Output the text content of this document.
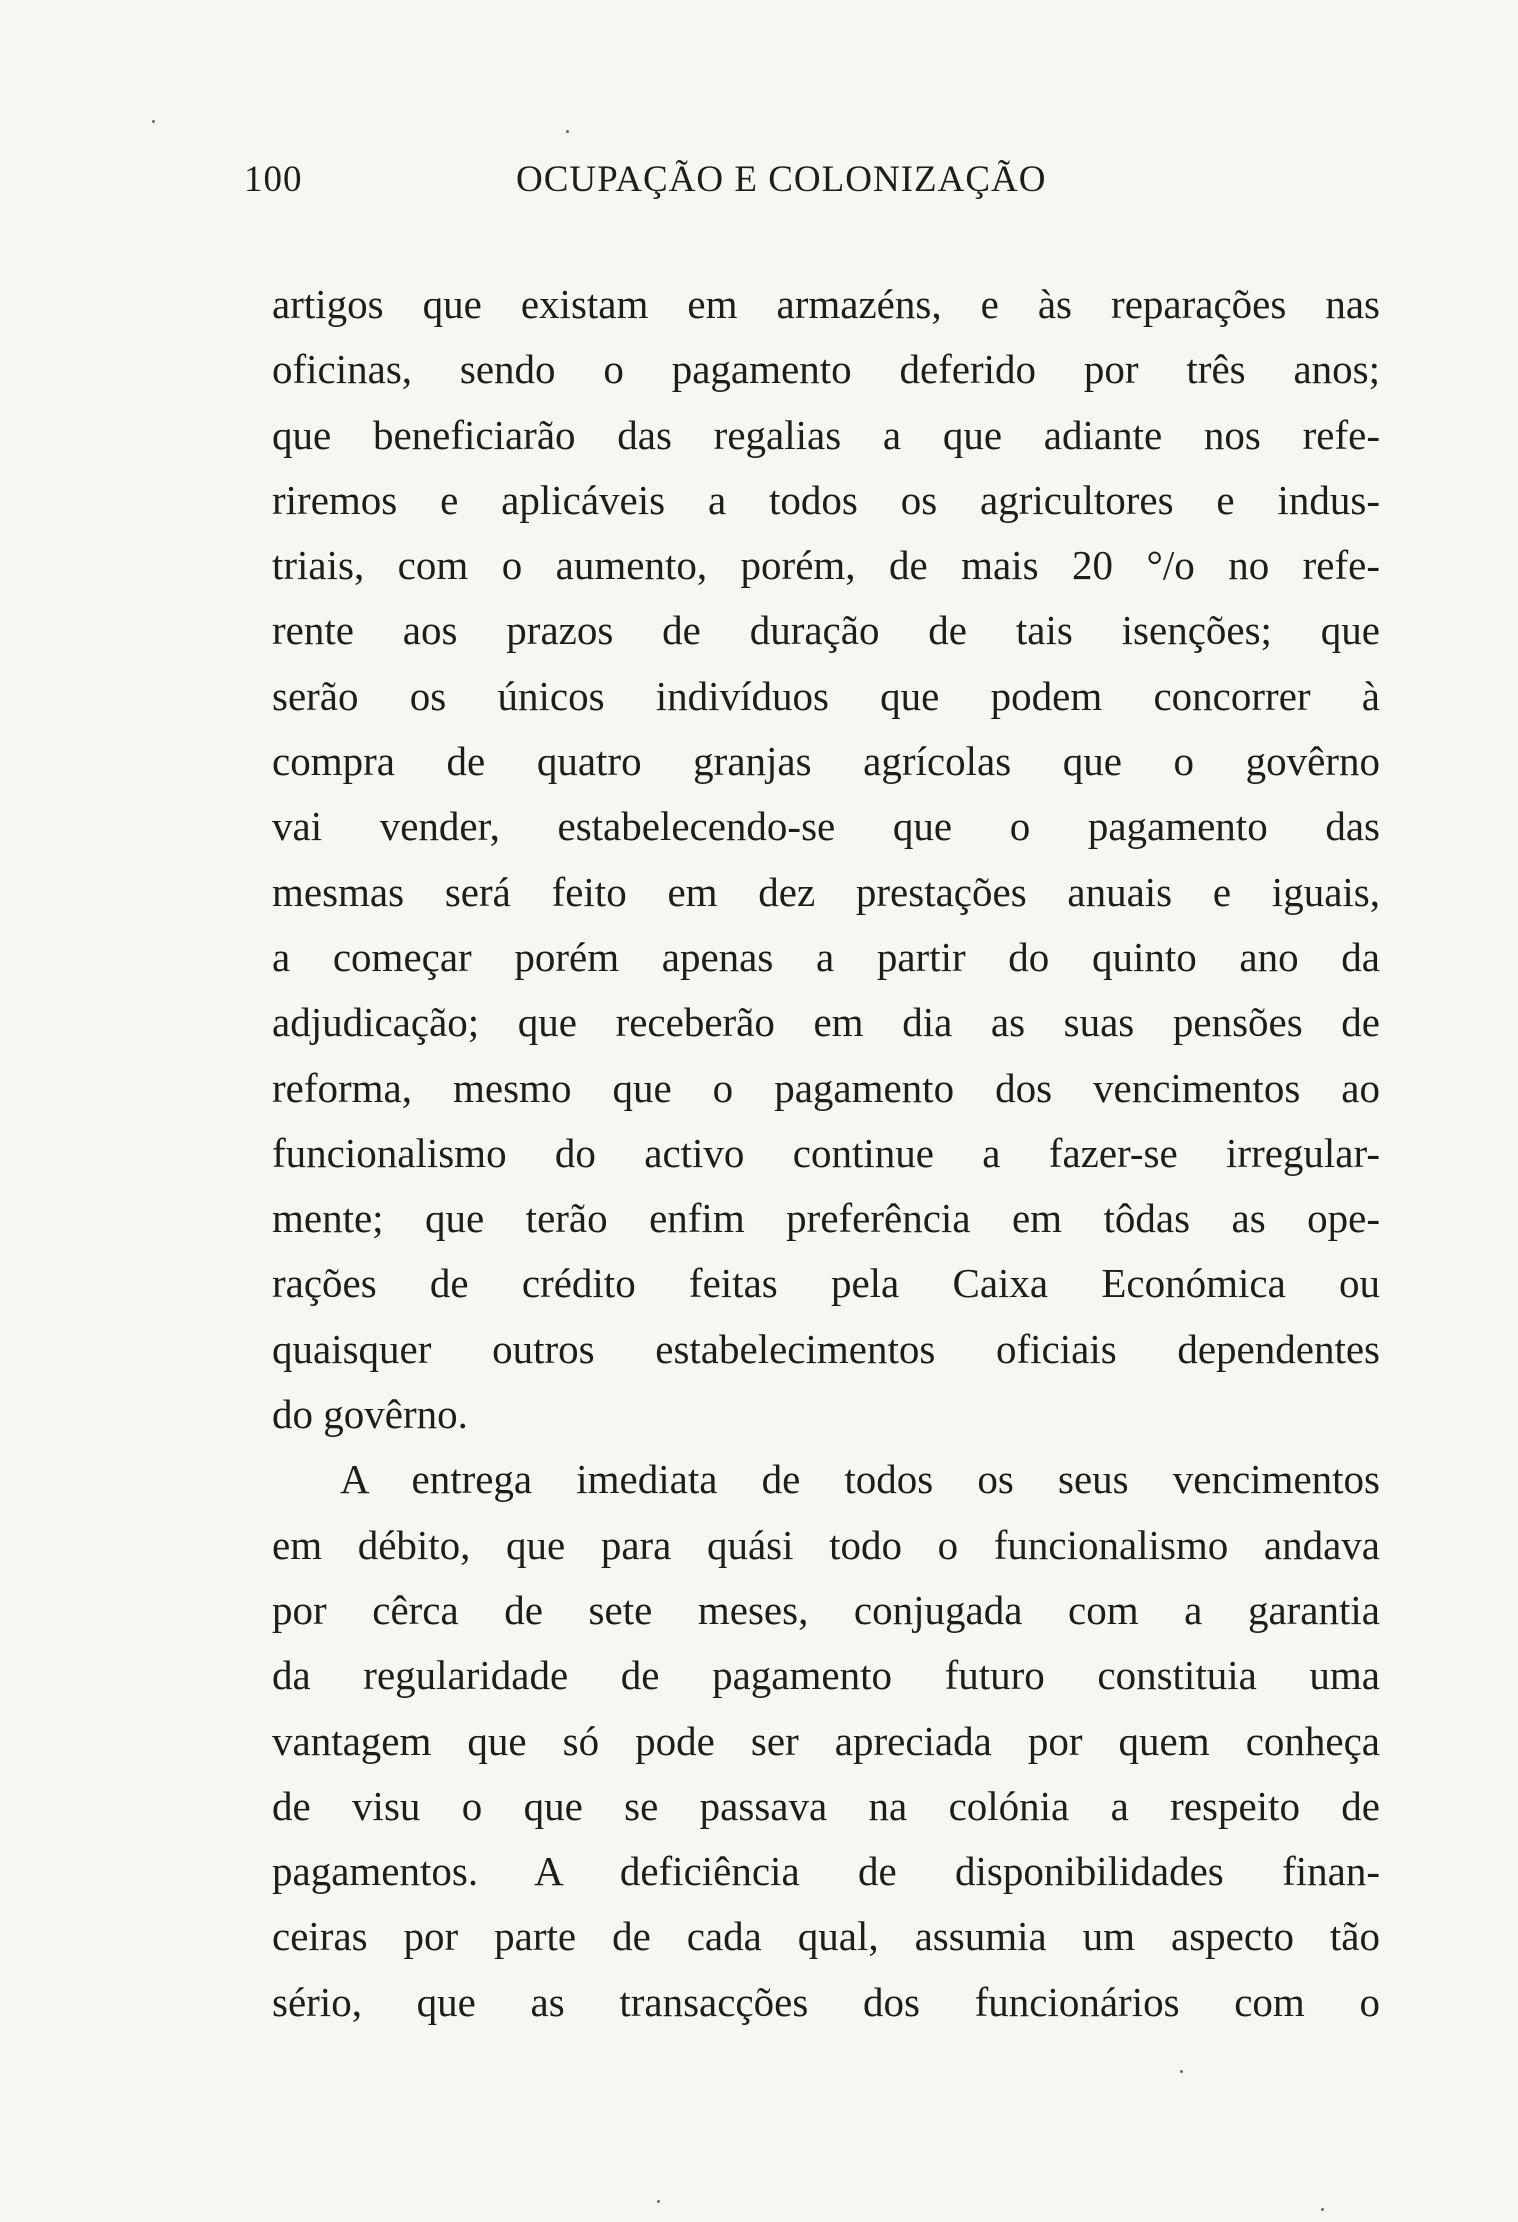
100	OCUPAÇÃO E COLONIZAÇÃO
artigos que existam em armazéns, e às reparações nas
oficinas, sendo o pagamento deferido por três anos;
que beneficiarão das regalias a que adiante nos refe-
riremos e aplicáveis a todos os agricultores e indus-
triais, com o aumento, porém, de mais 20 °/o no refe-
rente aos prazos de duração de tais isenções; que
serão os únicos indivíduos que podem concorrer à
compra de quatro granjas agrícolas que o govêrno
vai vender, estabelecendo-se que o pagamento das
mesmas será feito em dez prestações anuais e iguais,
a começar porém apenas a partir do quinto ano da
adjudicação; que receberão em dia as suas pensões de
reforma, mesmo que o pagamento dos vencimentos ao
funcionalismo do activo continue a fazer-se irregular-
mente; que terão enfim preferência em tôdas as ope-
rações de crédito feitas pela Caixa Económica ou
quaisquer outros estabelecimentos oficiais dependentes
do govêrno.
A entrega imediata de todos os seus vencimentos
em débito, que para quási todo o funcionalismo andava
por cêrca de sete meses, conjugada com a garantia
da regularidade de pagamento futuro constituia uma
vantagem que só pode ser apreciada por quem conheça
de visu o que se passava na colónia a respeito de
pagamentos. A deficiência de disponibilidades finan-
ceiras por parte de cada qual, assumia um aspecto tão
sério, que as transacções dos funcionários com o
